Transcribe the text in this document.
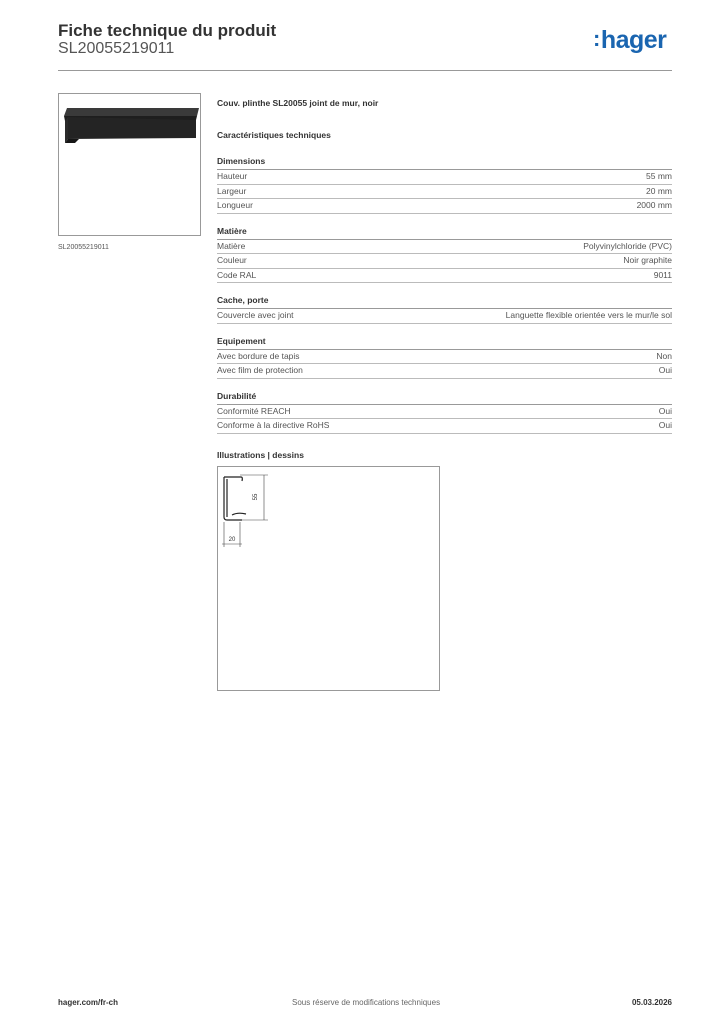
Fiche technique du produit
SL20055219011	:hager
SL20055219011
Couv. plinthe SL20055 joint de mur, noir
Caractéristiques techniques
Dimensions
Hauteur	55 mm
Largeur	20 mm
Longueur	2000 mm
Matière
Matière	Polyvinylchloride (PVC)
Couleur	Noir graphite
Code RAL	9011
Cache, porte
Couvercle avec joint	Languette flexible orientée vers le mur/le sol
Equipement
Avec bordure de tapis	Non
Avec film de protection	Oui
Durabilité
Conformité REACH	Oui
Conforme à la directive RoHS	Oui
Illustrations | dessins
55
20
hager.com/fr-ch	Sous réserve de modifications techniques	05.03.2026
